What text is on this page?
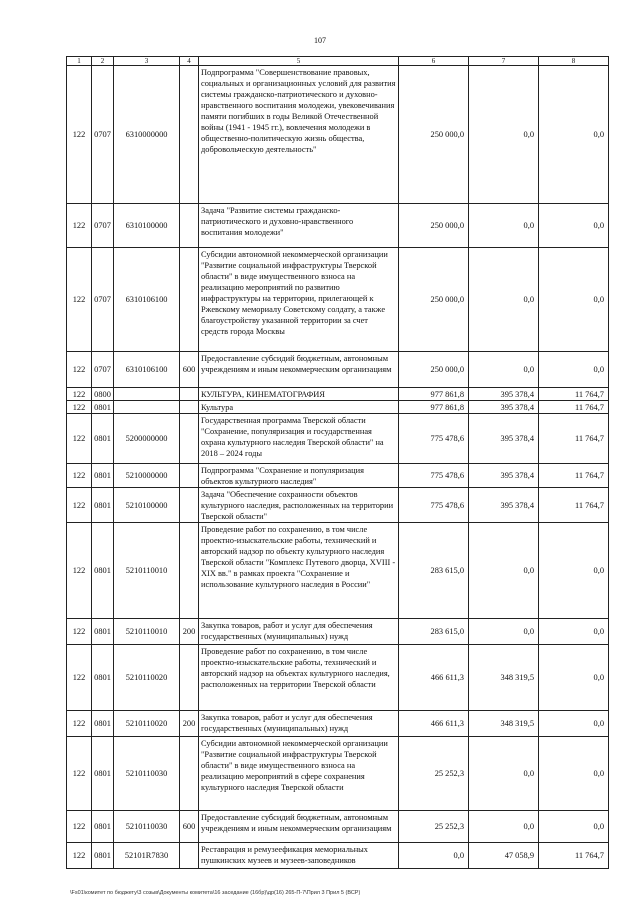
107
1	2	3	4	5	6	7	8
122	0707	6310000000		Подпрограмма "Совершенствование правовых, социальных и организационных условий для развития системы гражданско-патриотического и духовно-нравственного воспитания молодежи, увековечивания памяти погибших в годы Великой Отечественной войны (1941 - 1945 гг.), вовлечения молодежи в общественно-политическую жизнь общества, добровольческую деятельность"	250 000,0	0,0	0,0
122	0707	6310100000		Задача "Развитие системы гражданско-патриотического и духовно-нравственного воспитания молодежи"	250 000,0	0,0	0,0
122	0707	6310106100		Субсидии автономной некоммерческой организации "Развитие социальной инфраструктуры Тверской области" в виде имущественного взноса на реализацию мероприятий по развитию инфраструктуры на территории, прилегающей к Ржевскому мемориалу Советскому солдату, а также благоустройству указанной территории за счет средств города Москвы	250 000,0	0,0	0,0
122	0707	6310106100	600	Предоставление субсидий бюджетным, автономным учреждениям и иным некоммерческим организациям	250 000,0	0,0	0,0
122	0800			КУЛЬТУРА, КИНЕМАТОГРАФИЯ	977 861,8	395 378,4	11 764,7
122	0801			Культура	977 861,8	395 378,4	11 764,7
122	0801	5200000000		Государственная программа Тверской области "Сохранение, популяризация и государственная охрана культурного наследия Тверской области" на 2018 – 2024 годы	775 478,6	395 378,4	11 764,7
122	0801	5210000000		Подпрограмма "Сохранение и популяризация объектов культурного наследия"	775 478,6	395 378,4	11 764,7
122	0801	5210100000		Задача "Обеспечение сохранности объектов культурного наследия, расположенных на территории Тверской области"	775 478,6	395 378,4	11 764,7
122	0801	5210110010		Проведение работ по сохранению, в том числе проектно-изыскательские работы, технический и авторский надзор по объекту культурного наследия Тверской области "Комплекс Путевого дворца, XVIII - XIX вв." в рамках проекта "Сохранение и использование культурного наследия в России"	283 615,0	0,0	0,0
122	0801	5210110010	200	Закупка товаров, работ и услуг для обеспечения государственных (муниципальных) нужд	283 615,0	0,0	0,0
122	0801	5210110020		Проведение работ по сохранению, в том числе проектно-изыскательские работы, технический и авторский надзор на объектах культурного наследия, расположенных на территории Тверской области	466 611,3	348 319,5	0,0
122	0801	5210110020	200	Закупка товаров, работ и услуг для обеспечения государственных (муниципальных) нужд	466 611,3	348 319,5	0,0
122	0801	5210110030		Субсидии автономной некоммерческой организации "Развитие социальной инфраструктуры Тверской области" в виде имущественного взноса на реализацию мероприятий в сфере сохранения культурного наследия Тверской области	25 252,3	0,0	0,0
122	0801	5210110030	600	Предоставление субсидий бюджетным, автономным учреждениям и иным некоммерческим организациям	25 252,3	0,0	0,0
122	0801	52101R7830		Реставрация и ремузеефикация мемориальных пушкинских музеев и музеев-заповедников	0,0	47 058,9	11 764,7
\Fs01\комитет по бюджету\3 созыв\Документы комитета\16 заседание (16бр)\др(16) 265-П-7\Прил 3 Прил 5 (ВСР)
